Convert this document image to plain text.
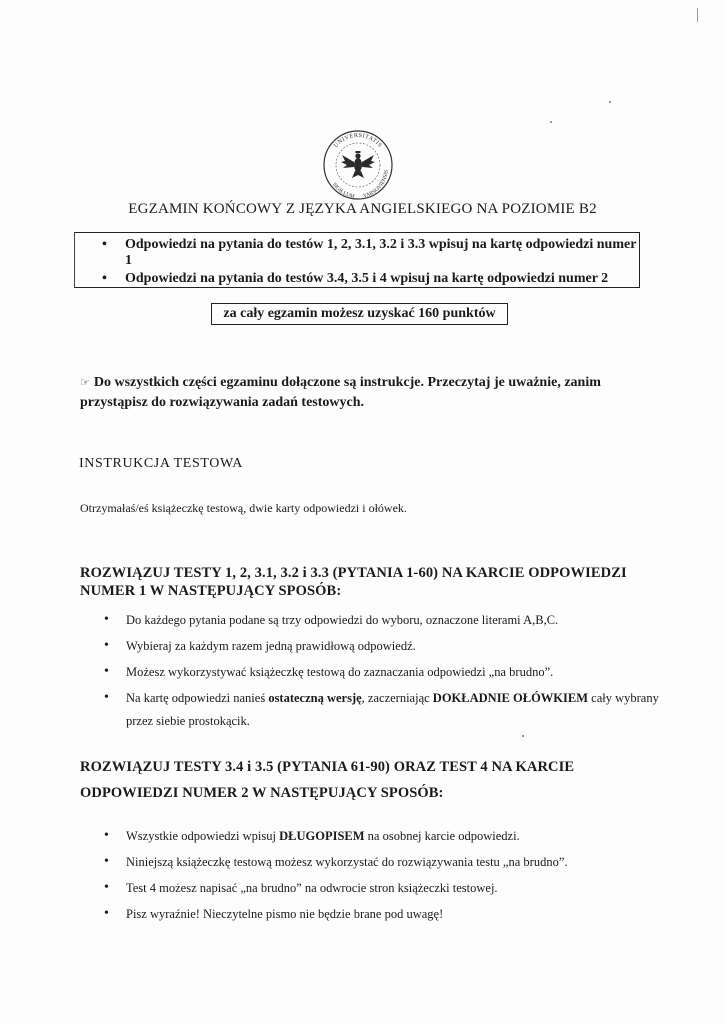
UNIVERSITATIS
SIGILLUM VARSOVIENSIS
EGZAMIN KOŃCOWY Z JĘZYKA ANGIELSKIEGO NA POZIOMIE B2
• Odpowiedzi na pytania do testów 1, 2, 3.1, 3.2 i 3.3 wpisuj na kartę odpowiedzi numer 1
• Odpowiedzi na pytania do testów 3.4, 3.5 i 4 wpisuj na kartę odpowiedzi numer 2
za cały egzamin możesz uzyskać 160 punktów
☞ Do wszystkich części egzaminu dołączone są instrukcje. Przeczytaj je uważnie, zanim przystąpisz do rozwiązywania zadań testowych.
INSTRUKCJA TESTOWA
Otrzymałaś/eś książeczkę testową, dwie karty odpowiedzi i ołówek.
ROZWIĄZUJ TESTY 1, 2, 3.1, 3.2 i 3.3 (PYTANIA 1-60) NA KARCIE ODPOWIEDZI NUMER 1 W NASTĘPUJĄCY SPOSÓB:
• Do każdego pytania podane są trzy odpowiedzi do wyboru, oznaczone literami A,B,C.
• Wybieraj za każdym razem jedną prawidłową odpowiedź.
• Możesz wykorzystywać książeczkę testową do zaznaczania odpowiedzi „na brudno”.
• Na kartę odpowiedzi nanieś ostateczną wersję, zaczerniając DOKŁADNIE OŁÓWKIEM cały wybrany przez siebie prostokącik.
ROZWIĄZUJ TESTY 3.4 i 3.5 (PYTANIA 61-90) ORAZ TEST 4 NA KARCIE ODPOWIEDZI NUMER 2 W NASTĘPUJĄCY SPOSÓB:
• Wszystkie odpowiedzi wpisuj DŁUGOPISEM na osobnej karcie odpowiedzi.
• Niniejszą książeczkę testową możesz wykorzystać do rozwiązywania testu „na brudno”.
• Test 4 możesz napisać „na brudno” na odwrocie stron książeczki testowej.
• Pisz wyraźnie! Nieczytelne pismo nie będzie brane pod uwagę!
